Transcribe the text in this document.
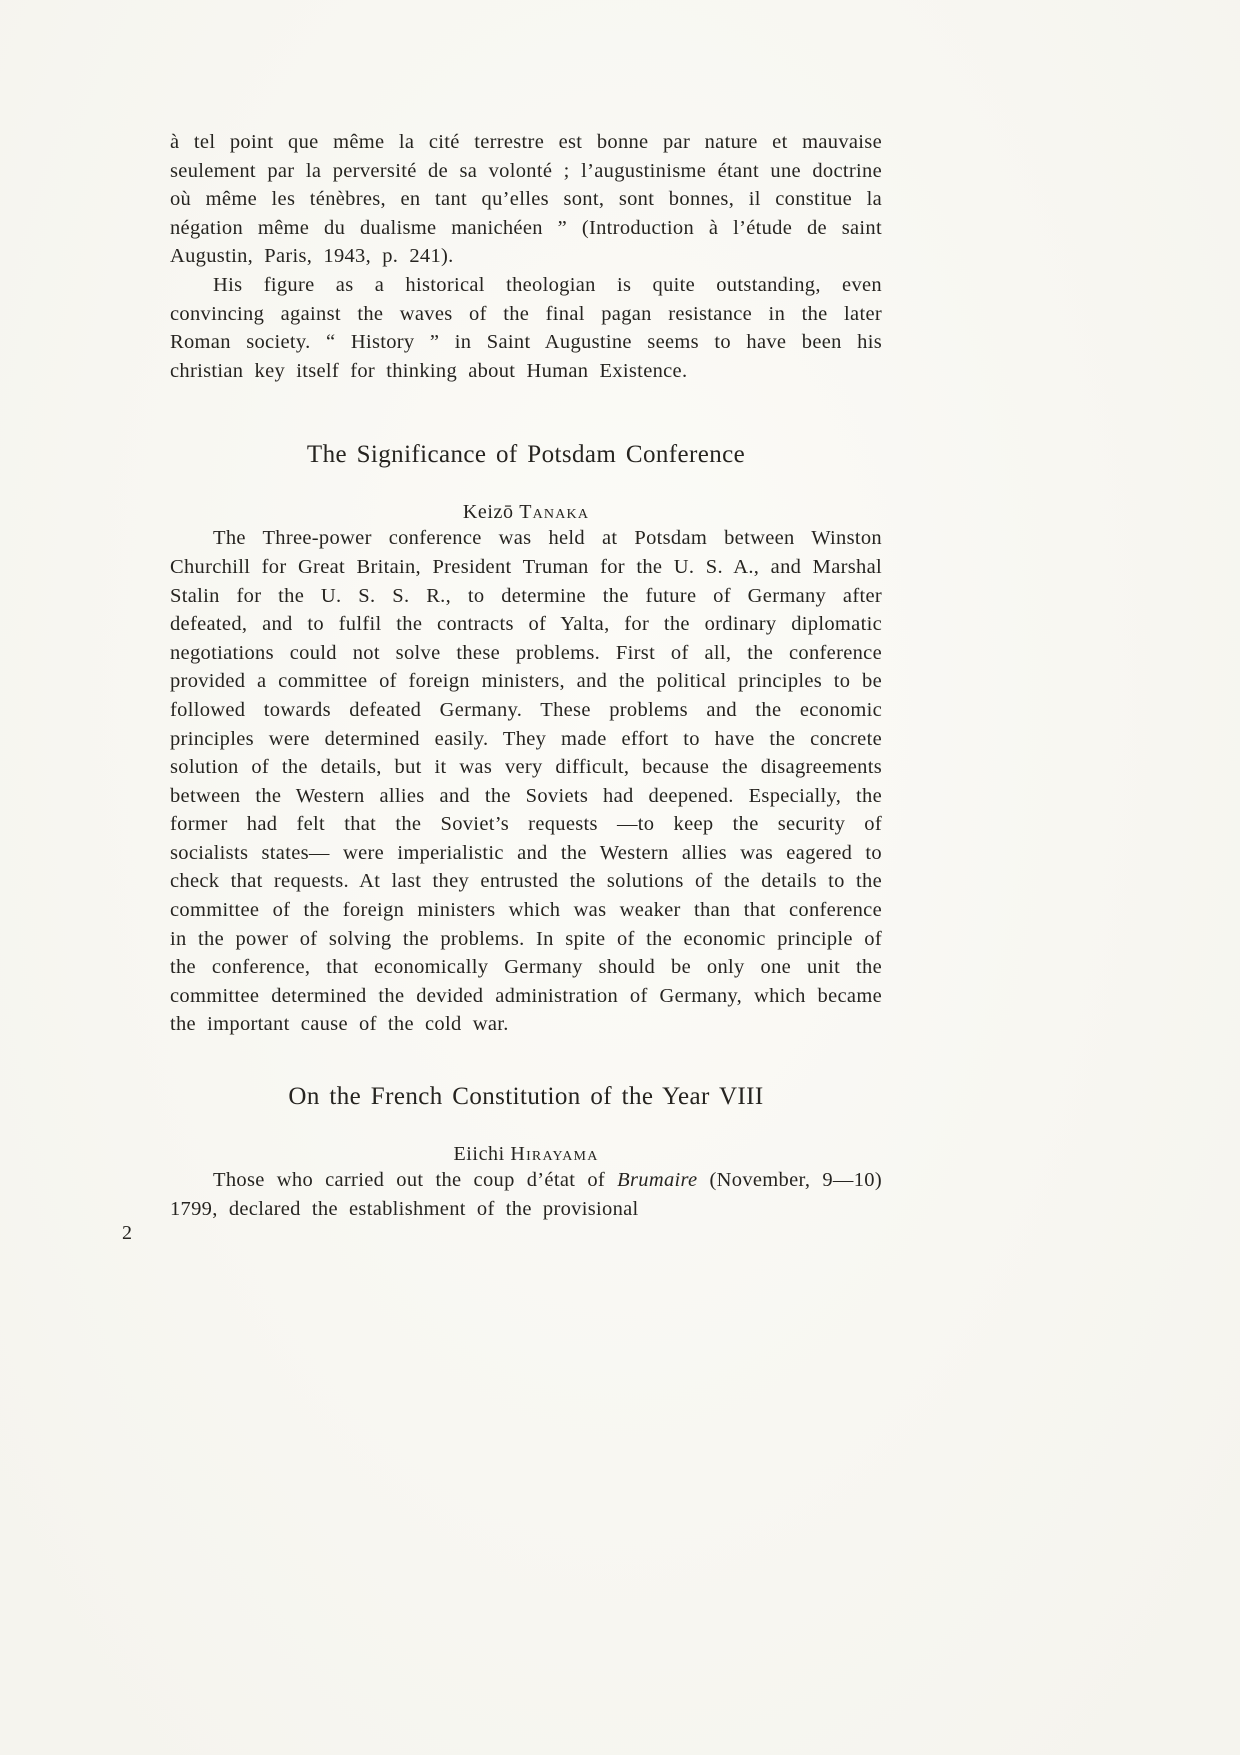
2

à tel point que même la cité terrestre est bonne par nature et mauvaise seulement par la perversité de sa volonté ; l’augustinisme étant une doctrine où même les ténèbres, en tant qu’elles sont, sont bonnes, il constitue la négation même du dualisme manichéen ” (Introduction à l’étude de saint Augustin, Paris, 1943, p. 241).

His figure as a historical theologian is quite outstanding, even convincing against the waves of the final pagan resistance in the later Roman society. “ History ” in Saint Augustine seems to have been his christian key itself for thinking about Human Existence.

The Significance of Potsdam Conference

Keizō Tanaka

The Three-power conference was held at Potsdam between Winston Churchill for Great Britain, President Truman for the U. S. A., and Marshal Stalin for the U. S. S. R., to determine the future of Germany after defeated, and to fulfil the contracts of Yalta, for the ordinary diplomatic negotiations could not solve these problems. First of all, the conference provided a committee of foreign ministers, and the political principles to be followed towards defeated Germany. These problems and the economic principles were determined easily. They made effort to have the concrete solution of the details, but it was very difficult, because the disagreements between the Western allies and the Soviets had deepened. Especially, the former had felt that the Soviet’s requests —to keep the security of socialists states— were imperialistic and the Western allies was eagered to check that requests. At last they entrusted the solutions of the details to the committee of the foreign ministers which was weaker than that conference in the power of solving the problems. In spite of the economic principle of the conference, that economically Germany should be only one unit the committee determined the devided administration of Germany, which became the important cause of the cold war.

On the French Constitution of the Year VIII

Eiichi Hirayama

Those who carried out the coup d’état of Brumaire (November, 9—10) 1799, declared the establishment of the provisional
